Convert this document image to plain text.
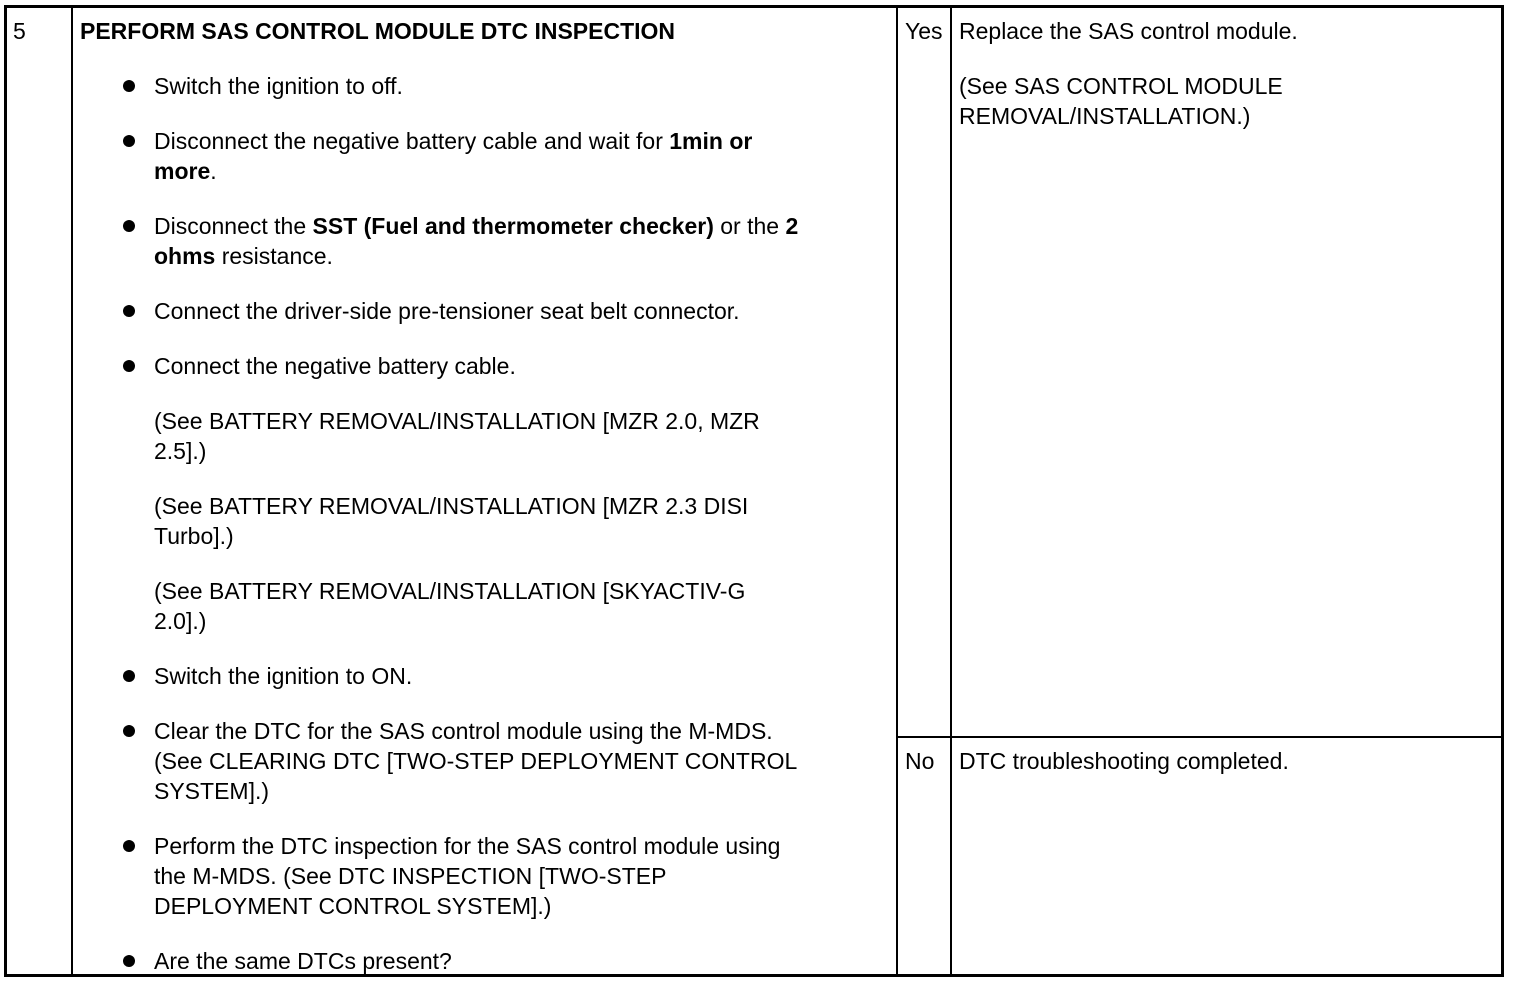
5 PERFORM SAS CONTROL MODULE DTC INSPECTION
Switch the ignition to off.
Disconnect the negative battery cable and wait for 1min or
more.
Disconnect the SST (Fuel and thermometer checker) or the 2
ohms resistance.
Connect the driver-side pre-tensioner seat belt connector.
Connect the negative battery cable.
(See BATTERY REMOVAL/INSTALLATION [MZR 2.0, MZR
2.5].)
(See BATTERY REMOVAL/INSTALLATION [MZR 2.3 DISI
Turbo].)
(See BATTERY REMOVAL/INSTALLATION [SKYACTIV-G
2.0].)
Switch the ignition to ON.
Clear the DTC for the SAS control module using the M-MDS.
(See CLEARING DTC [TWO-STEP DEPLOYMENT CONTROL
SYSTEM].)
Perform the DTC inspection for the SAS control module using
the M-MDS. (See DTC INSPECTION [TWO-STEP
DEPLOYMENT CONTROL SYSTEM].)
Are the same DTCs present?
Yes Replace the SAS control module.
(See SAS CONTROL MODULE
REMOVAL/INSTALLATION.)
No DTC troubleshooting completed.
